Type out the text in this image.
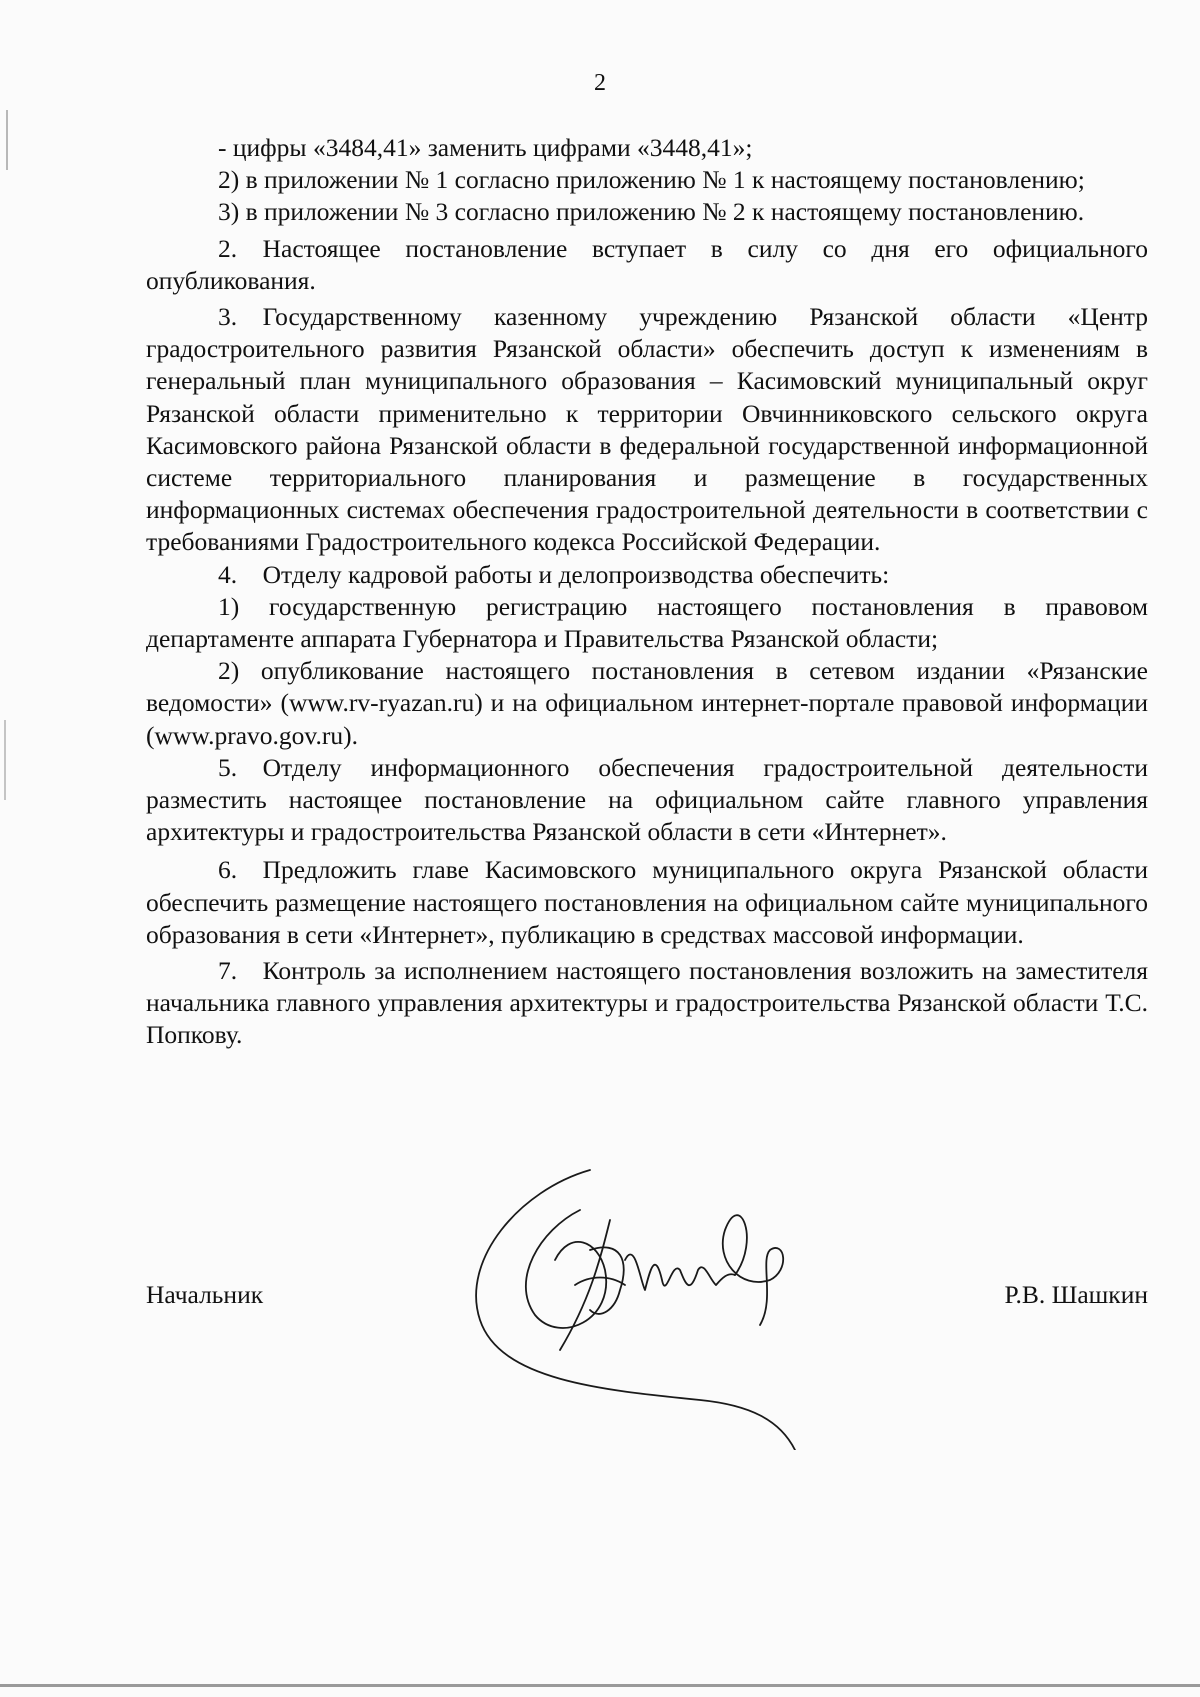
2

- цифры «3484,41» заменить цифрами «3448,41»;

2) в приложении № 1 согласно приложению № 1 к настоящему постановлению;

3) в приложении № 3 согласно приложению № 2 к настоящему постановлению.

2. Настоящее постановление вступает в силу со дня его официального опубликования.

3. Государственному казенному учреждению Рязанской области «Центр градостроительного развития Рязанской области» обеспечить доступ к изменениям в генеральный план муниципального образования – Касимовский муниципальный округ Рязанской области применительно к территории Овчинниковского сельского округа Касимовского района Рязанской области в федеральной государственной информационной системе территориального планирования и размещение в государственных информационных системах обеспечения градостроительной деятельности в соответствии с требованиями Градостроительного кодекса Российской Федерации.

4. Отделу кадровой работы и делопроизводства обеспечить:

1) государственную регистрацию настоящего постановления в правовом департаменте аппарата Губернатора и Правительства Рязанской области;

2) опубликование настоящего постановления в сетевом издании «Рязанские ведомости» (www.rv-ryazan.ru) и на официальном интернет-портале правовой информации (www.pravo.gov.ru).

5. Отделу информационного обеспечения градостроительной деятельности разместить настоящее постановление на официальном сайте главного управления архитектуры и градостроительства Рязанской области в сети «Интернет».

6. Предложить главе Касимовского муниципального округа Рязанской области обеспечить размещение настоящего постановления на официальном сайте муниципального образования в сети «Интернет», публикацию в средствах массовой информации.

7. Контроль за исполнением настоящего постановления возложить на заместителя начальника главного управления архитектуры и градостроительства Рязанской области Т.С. Попкову.

Начальник	Р.В. Шашкин
